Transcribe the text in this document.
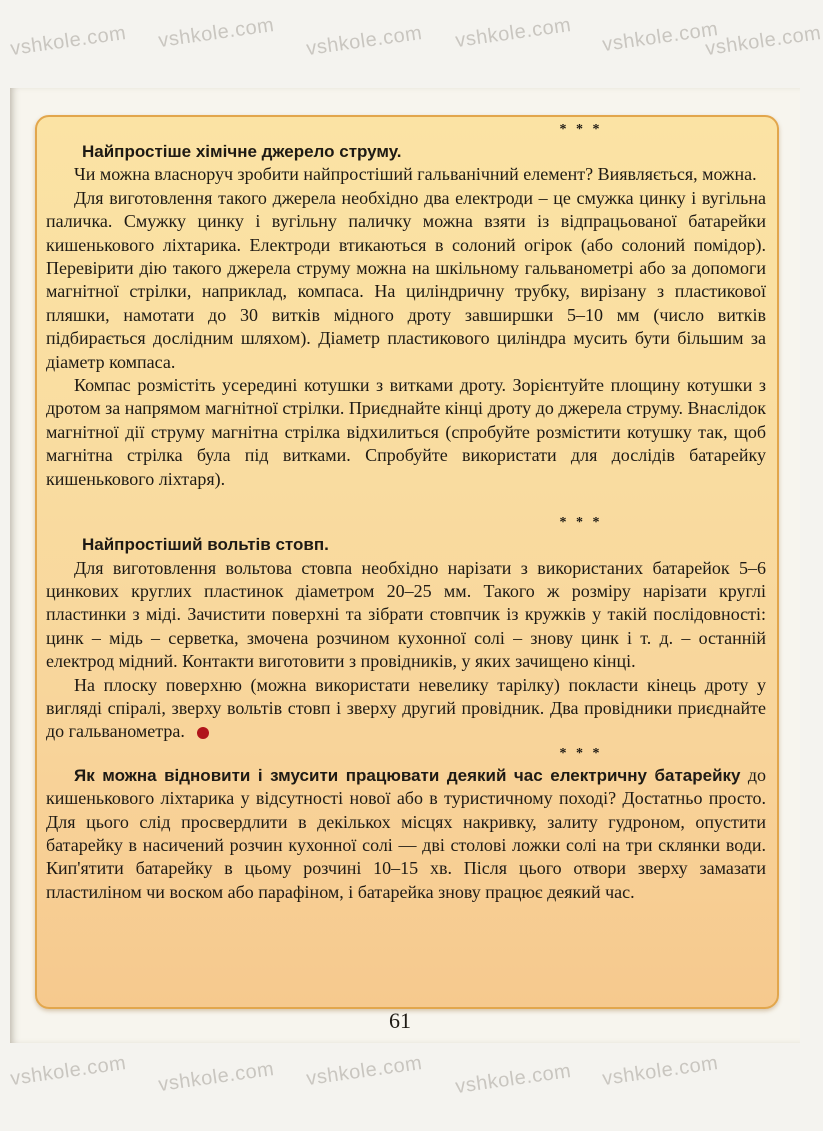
vshkole.com vshkole.com vshkole.com vshkole.com vshkole.com
vshkole.com
vshkole.com vshkole.com vshkole.com vshkole.com vshkole.com
* * *
Найпростіше хімічне джерело струму.

Чи можна власноруч зробити найпростіший гальванічний елемент? Виявляється, можна.

Для виготовлення такого джерела необхідно два електроди – це смужка цинку і вугільна паличка. Смужку цинку і вугільну паличку можна взяти із відпрацьованої батарейки кишенькового ліхтарика. Електроди втикаються в солоний огірок (або солоний помідор). Перевірити дію такого джерела струму можна на шкільному гальванометрі або за допомоги магнітної стрілки, наприклад, компаса. На циліндричну трубку, вирізану з пластикової пляшки, намотати до 30 витків мідного дроту завширшки 5–10 мм (число витків підбирається дослідним шляхом). Діаметр пластикового циліндра мусить бути більшим за діаметр компаса.

Компас розмістіть усередині котушки з витками дроту. Зорієнтуйте площину котушки з дротом за напрямом магнітної стрілки. Приєднайте кінці дроту до джерела струму. Внаслідок магнітної дії струму магнітна стрілка відхилиться (спробуйте розмістити котушку так, щоб магнітна стрілка була під витками. Спробуйте використати для дослідів батарейку кишенькового ліхтаря).

* * *
Найпростіший вольтів стовп.

Для виготовлення вольтова стовпа необхідно нарізати з використаних батарейок 5–6 цинкових круглих пластинок діаметром 20–25 мм. Такого ж розміру нарізати круглі пластинки з міді. Зачистити поверхні та зібрати стовпчик із кружків у такій послідовності: цинк – мідь – серветка, змочена розчином кухонної солі – знову цинк і т. д. – останній електрод мідний. Контакти виготовити з провідників, у яких зачищено кінці.

На плоску поверхню (можна використати невелику тарілку) покласти кінець дроту у вигляді спіралі, зверху вольтів стовп і зверху другий провідник. Два провідники приєднайте до гальванометра.

* * *

Як можна відновити і змусити працювати деякий час електричну батарейку до кишенькового ліхтарика у відсутності нової або в туристичному поході? Достатньо просто. Для цього слід просвердлити в декількох місцях накривку, залиту гудроном, опустити батарейку в насичений розчин кухонної солі — дві столові ложки солі на три склянки води. Кип'ятити батарейку в цьому розчині 10–15 хв. Після цього отвори зверху замазати пластиліном чи воском або парафіном, і батарейка знову працює деякий час.

61
